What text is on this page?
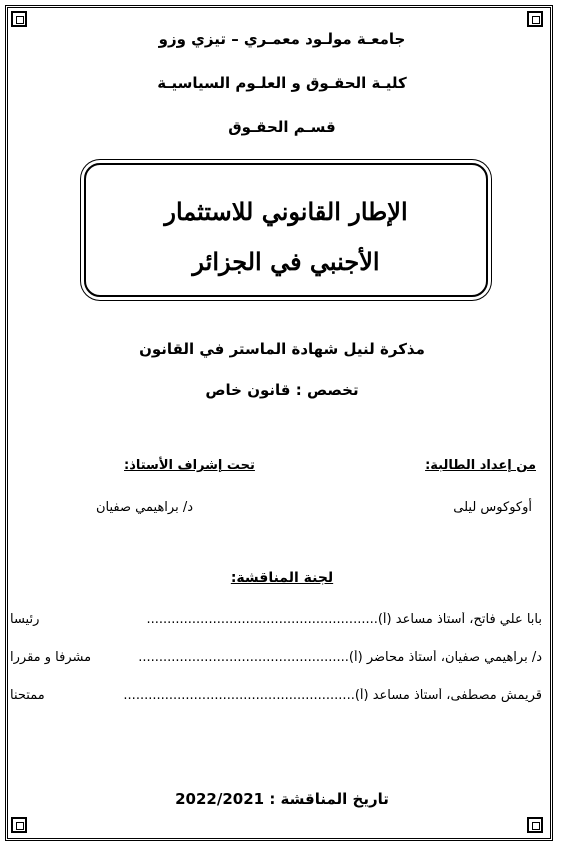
جامعـة مولـود معمـري – تيزي وزو
كليـة الحقـوق و العلـوم السياسيـة
قسـم الحقـوق
الإطار القانوني للاستثمار
الأجنبي في الجزائر
مذكرة لنيل شهادة الماستر في القانون
تخصص : قانون خاص
من إعداد الطالبة:
أوكوكوس ليلى
تحت إشراف الأستاذ:
د/ براهيمي صفيان
لجنة المناقشة:
بابا علي فاتح، أستاذ مساعد (أ)........................................................
رئيسا
د/ براهيمي صفيان، أستاذ محاضر (أ)...................................................
مشرفا و مقررا
قريمش مصطفى، أستاذ مساعد (أ)........................................................
ممتحنا
تاريخ المناقشة : 2022/2021
